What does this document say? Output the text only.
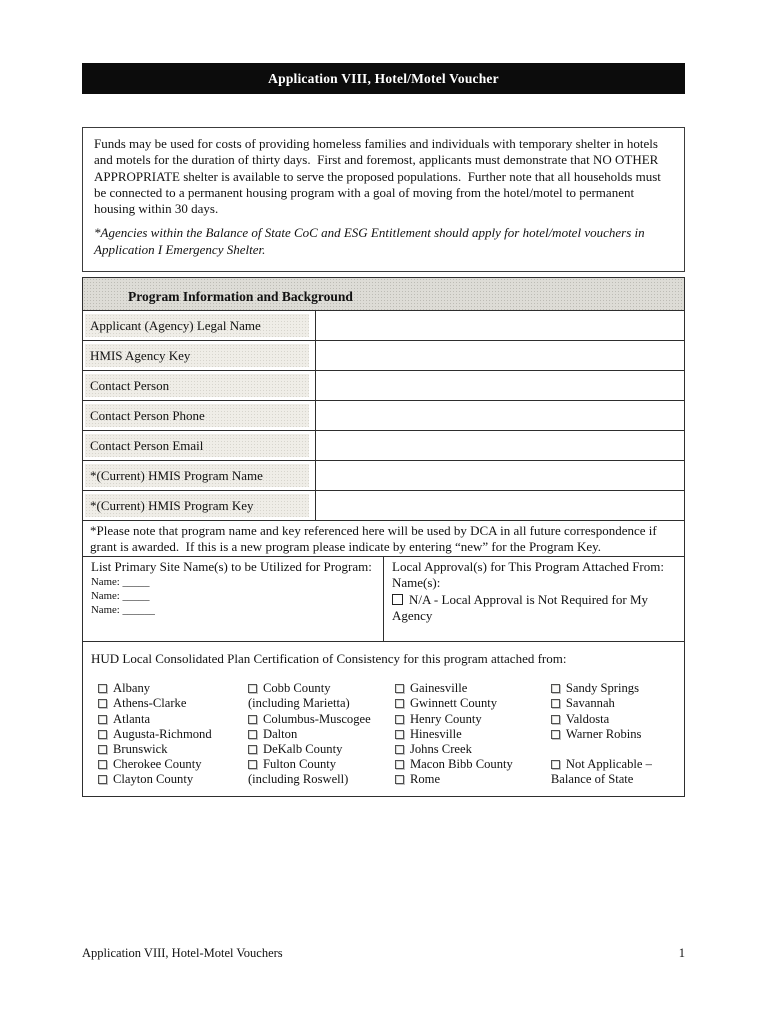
Application VIII, Hotel/Motel Voucher

Funds may be used for costs of providing homeless families and individuals with temporary shelter in hotels and motels for the duration of thirty days.  First and foremost, applicants must demonstrate that NO OTHER APPROPRIATE shelter is available to serve the proposed populations.  Further note that all households must be connected to a permanent housing program with a goal of moving from the hotel/motel to permanent housing within 30 days.

*Agencies within the Balance of State CoC and ESG Entitlement should apply for hotel/motel vouchers in Application I Emergency Shelter.

Program Information and Background
Applicant (Agency) Legal Name
HMIS Agency Key
Contact Person
Contact Person Phone
Contact Person Email
*(Current) HMIS Program Name
*(Current) HMIS Program Key
*Please note that program name and key referenced here will be used by DCA in all future correspondence if grant is awarded.  If this is a new program please indicate by entering “new” for the Program Key.
List Primary Site Name(s) to be Utilized for Program:
Name: _____
Name: _____
Name: ______
Local Approval(s) for This Program Attached From:
Name(s):
N/A - Local Approval is Not Required for My Agency

HUD Local Consolidated Plan Certification of Consistency for this program attached from:

Albany
Athens-Clarke
Atlanta
Augusta-Richmond
Brunswick
Cherokee County
Clayton County
Cobb County
(including Marietta)
Columbus-Muscogee
Dalton
DeKalb County
Fulton County
(including Roswell)
Gainesville
Gwinnett County
Henry County
Hinesville
Johns Creek
Macon Bibb County
Rome
Sandy Springs
Savannah
Valdosta
Warner Robins
Not Applicable –
Balance of State
Application VIII, Hotel-Motel Vouchers	1
